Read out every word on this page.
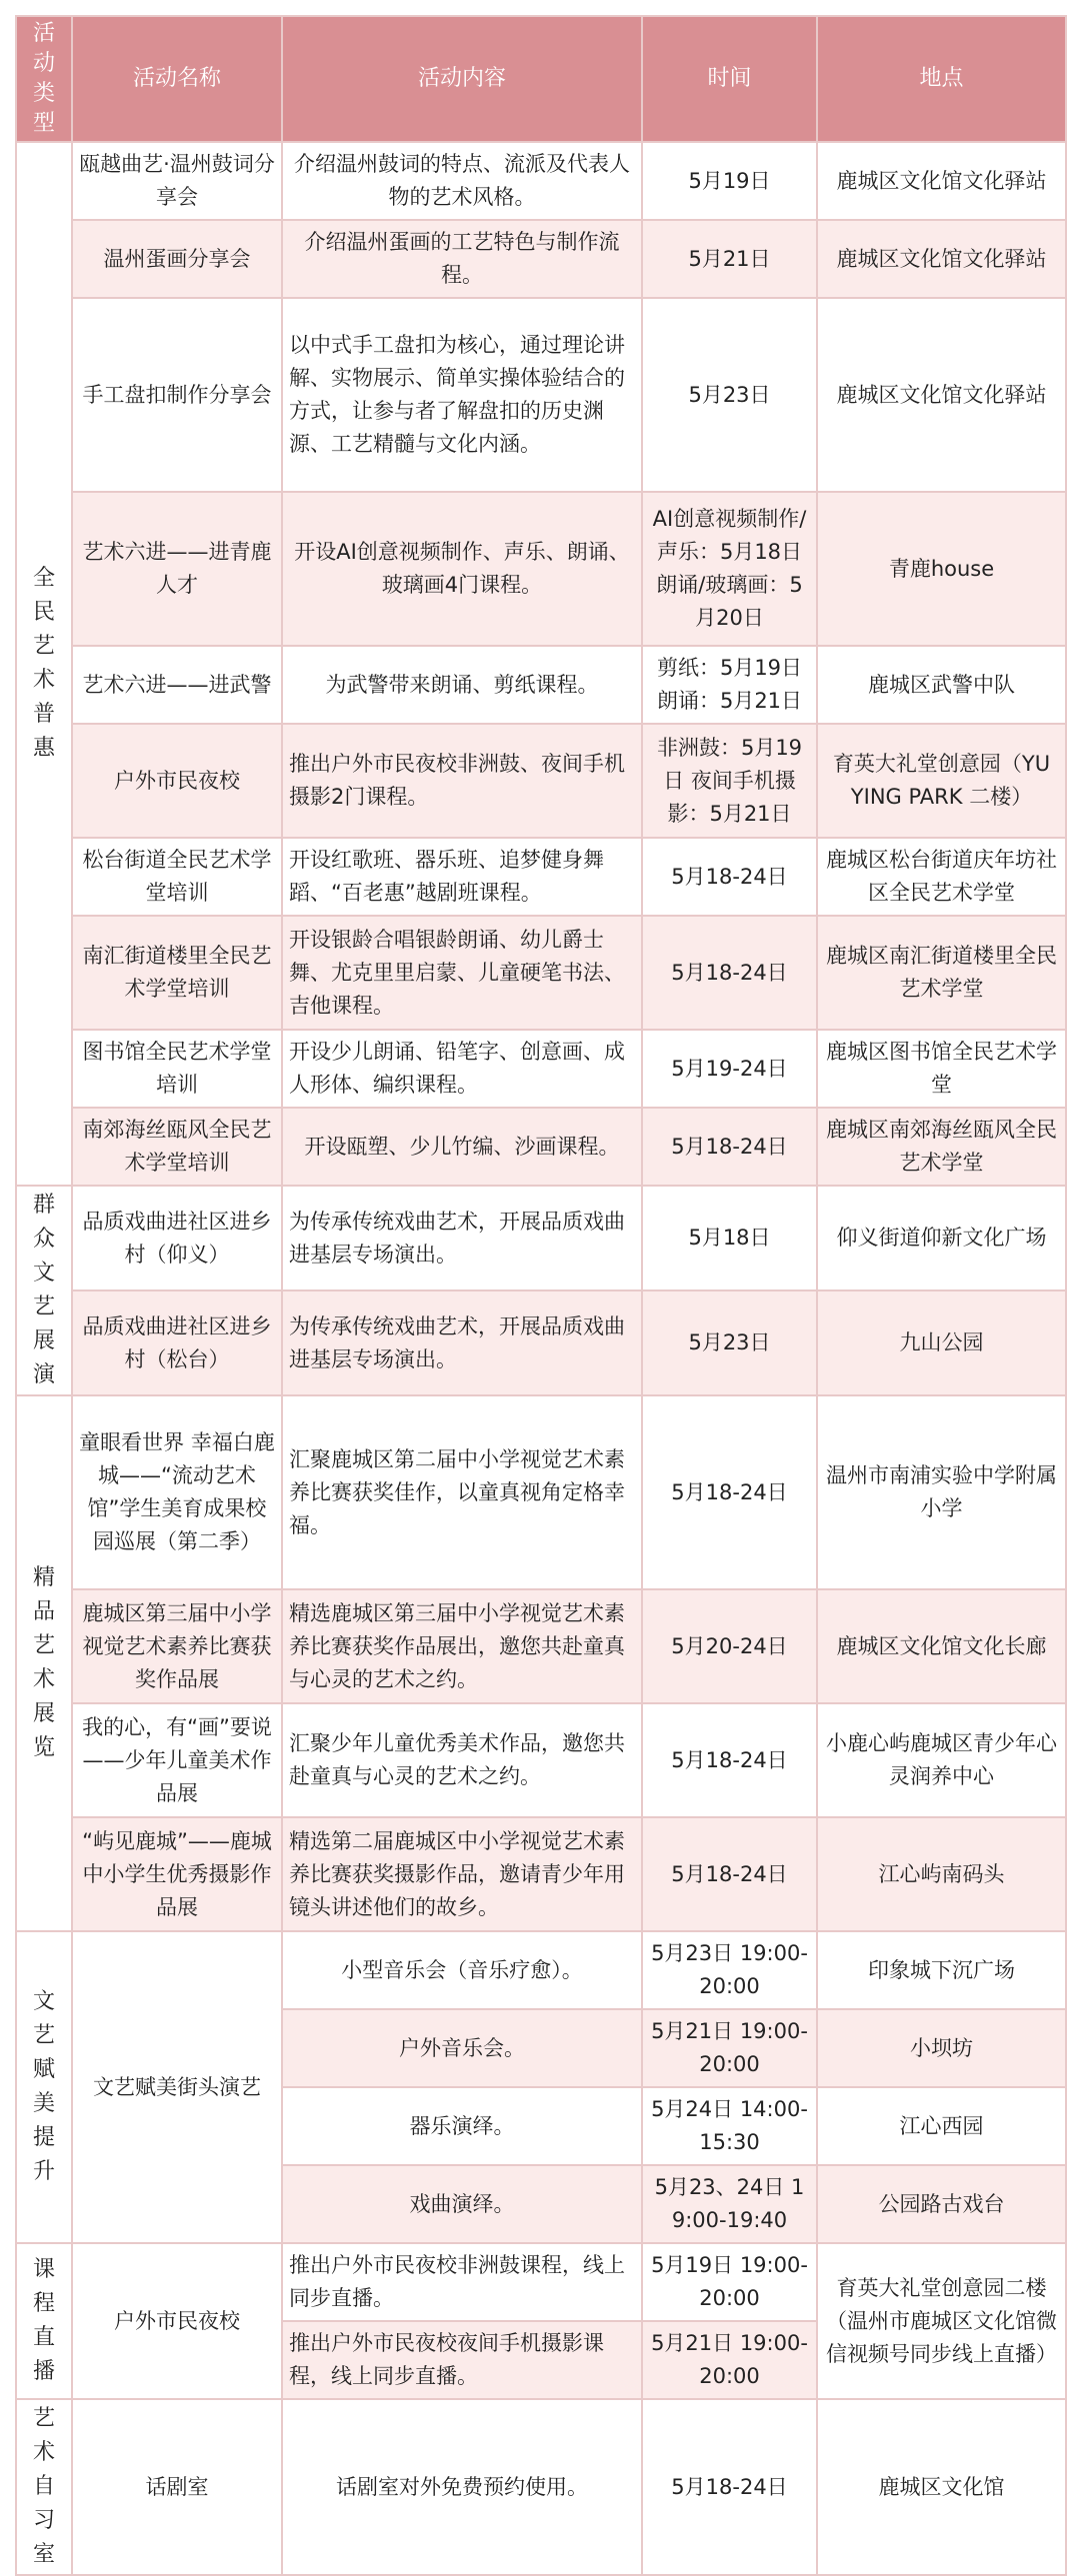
活动类型	活动名称	活动内容	时间	地点
全民艺术普惠	瓯越曲艺·温州鼓词分享会	介绍温州鼓词的特点、流派及代表人物的艺术风格。	5月19日	鹿城区文化馆文化驿站
	温州蛋画分享会	介绍温州蛋画的工艺特色与制作流程。	5月21日	鹿城区文化馆文化驿站
	手工盘扣制作分享会	以中式手工盘扣为核心，通过理论讲解、实物展示、简单实操体验结合的方式，让参与者了解盘扣的历史渊源、工艺精髓与文化内涵。	5月23日	鹿城区文化馆文化驿站
	艺术六进——进青鹿人才	开设AI创意视频制作、声乐、朗诵、玻璃画4门课程。	AI创意视频制作/声乐：5月18日 朗诵/玻璃画：5月20日	青鹿house
	艺术六进——进武警	为武警带来朗诵、剪纸课程。	剪纸：5月19日 朗诵：5月21日	鹿城区武警中队
	户外市民夜校	推出户外市民夜校非洲鼓、夜间手机摄影2门课程。	非洲鼓：5月19日 夜间手机摄影：5月21日	育英大礼堂创意园（YU YING PARK 二楼）
	松台街道全民艺术学堂培训	开设红歌班、器乐班、追梦健身舞蹈、“百老惠”越剧班课程。	5月18-24日	鹿城区松台街道庆年坊社区全民艺术学堂
	南汇街道楼里全民艺术学堂培训	开设银龄合唱银龄朗诵、幼儿爵士舞、尤克里里启蒙、儿童硬笔书法、吉他课程。	5月18-24日	鹿城区南汇街道楼里全民艺术学堂
	图书馆全民艺术学堂培训	开设少儿朗诵、铅笔字、创意画、成人形体、编织课程。	5月19-24日	鹿城区图书馆全民艺术学堂
	南郊海丝瓯风全民艺术学堂培训	开设瓯塑、少儿竹编、沙画课程。	5月18-24日	鹿城区南郊海丝瓯风全民艺术学堂
群众文艺展演	品质戏曲进社区进乡村（仰义）	为传承传统戏曲艺术，开展品质戏曲进基层专场演出。	5月18日	仰义街道仰新文化广场
	品质戏曲进社区进乡村（松台）	为传承传统戏曲艺术，开展品质戏曲进基层专场演出。	5月23日	九山公园
精品艺术展览	童眼看世界 幸福白鹿城——“流动艺术馆”学生美育成果校园巡展（第二季）	汇聚鹿城区第二届中小学视觉艺术素养比赛获奖佳作，以童真视角定格幸福。	5月18-24日	温州市南浦实验中学附属小学
	鹿城区第三届中小学视觉艺术素养比赛获奖作品展	精选鹿城区第三届中小学视觉艺术素养比赛获奖作品展出，邀您共赴童真与心灵的艺术之约。	5月20-24日	鹿城区文化馆文化长廊
	我的心，有“画”要说——少年儿童美术作品展	汇聚少年儿童优秀美术作品，邀您共赴童真与心灵的艺术之约。	5月18-24日	小鹿心屿鹿城区青少年心灵润养中心
	“屿见鹿城”——鹿城中小学生优秀摄影作品展	精选第二届鹿城区中小学视觉艺术素养比赛获奖摄影作品，邀请青少年用镜头讲述他们的故乡。	5月18-24日	江心屿南码头
文艺赋美提升	文艺赋美街头演艺	小型音乐会（音乐疗愈）。	5月23日 19:00-20:00	印象城下沉广场
		户外音乐会。	5月21日 19:00-20:00	小坝坊
		器乐演绎。	5月24日 14:00-15:30	江心西园
		戏曲演绎。	5月23、24日 19:00-19:40	公园路古戏台
课程直播	户外市民夜校	推出户外市民夜校非洲鼓课程，线上同步直播。	5月19日 19:00-20:00	育英大礼堂创意园二楼（温州市鹿城区文化馆微信视频号同步线上直播）
		推出户外市民夜校夜间手机摄影课程，线上同步直播。	5月21日 19:00-20:00	
艺术自习室	话剧室	话剧室对外免费预约使用。	5月18-24日	鹿城区文化馆
